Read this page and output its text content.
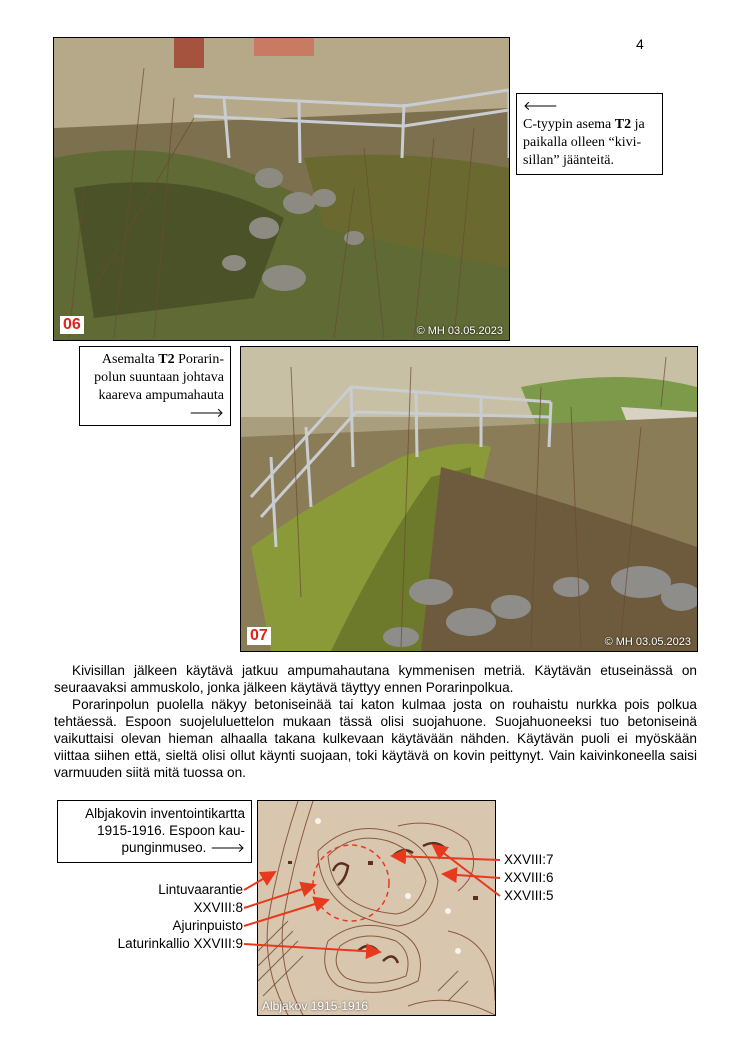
4
06	© MH 03.05.2023
🡐
C-tyypin asema T2 ja paikalla olleen “kivi-sillan” jäänteitä.
Asemalta T2 Porarin-polun suuntaan johtava kaareva ampumahauta
🡒
07	© MH 03.05.2023

Kivisillan jälkeen käytävä jatkuu ampumahautana kymmenisen metriä. Käytävän etuseinässä on seuraavaksi ammuskolo, jonka jälkeen käytävä täyttyy ennen Porarinpolkua.

Porarinpolun puolella näkyy betoniseinää tai katon kulmaa josta on rouhaistu nurkka pois polkua tehtäessä. Espoon suojeluluettelon mukaan tässä olisi suojahuone. Suojahuoneeksi tuo betoniseinä vaikuttaisi olevan hieman alhaalla takana kulkevaan käytävään nähden. Käytävän puoli ei myöskään viittaa siihen että, sieltä olisi ollut käynti suojaan, toki käytävä on kovin peittynyt. Vain kaivinkoneella saisi varmuuden siitä mitä tuossa on.

Albjakovin inventointikartta 1915-1916. Espoon kau-punginmuseo. 🡒
Albjakov 1915-1916
Lintuvaarantie
XXVIII:8
Ajurinpuisto
Laturinkallio XXVIII:9
XXVIII:7
XXVIII:6
XXVIII:5
